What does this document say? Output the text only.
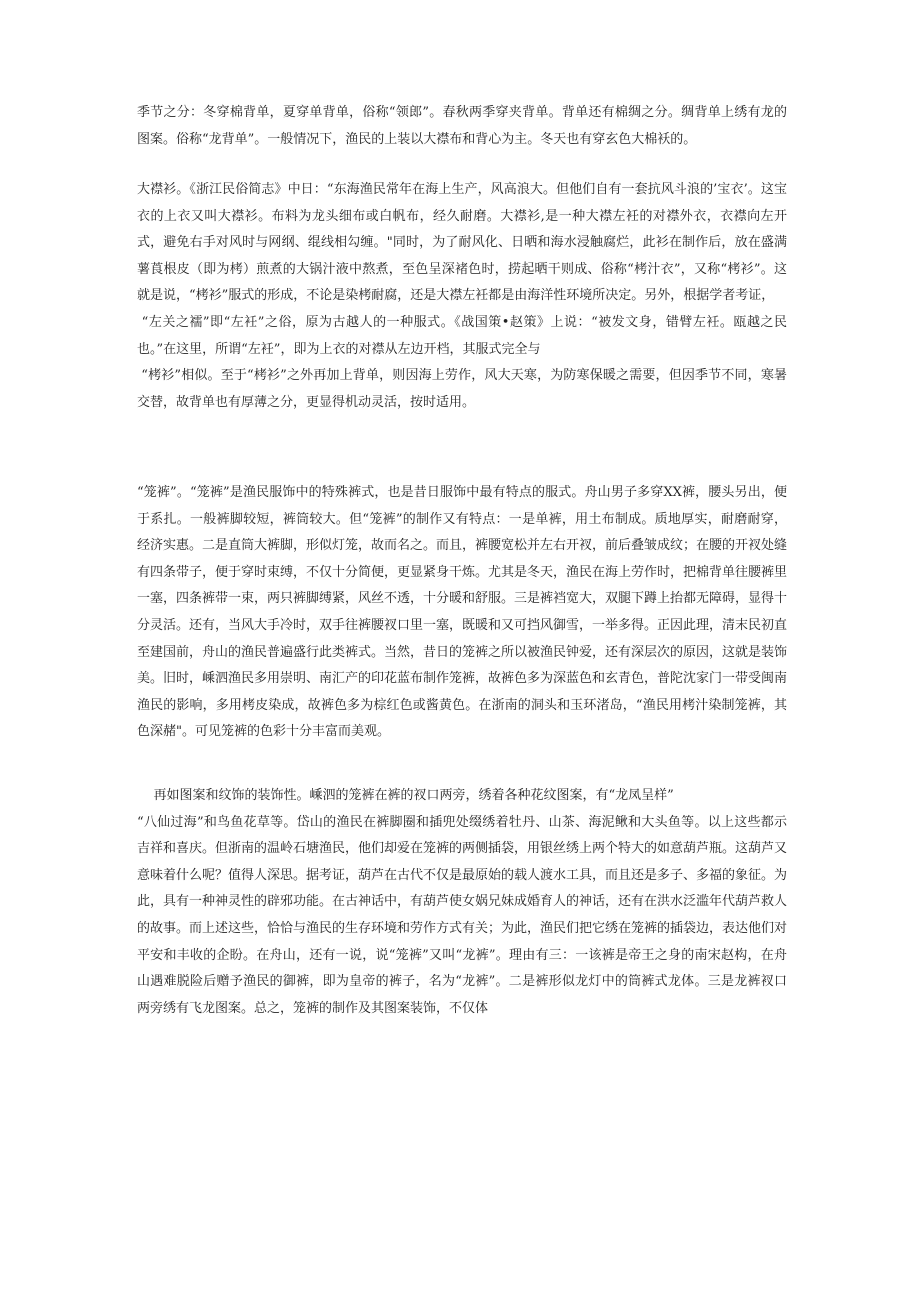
季节之分：冬穿棉背单，夏穿单背单，俗称“领郎”。春秋两季穿夹背单。背单还有棉绸之分。绸背单上绣有龙的图案。俗称“龙背单”。一般情况下，渔民的上装以大襟布和背心为主。冬天也有穿玄色大棉袄的。

大襟衫。《浙江民俗简志》中日：“东海渔民常年在海上生产，风高浪大。但他们自有一套抗风斗浪的’宝衣’。这宝衣的上衣又叫大襟衫。布料为龙头细布或白帆布，经久耐磨。大襟衫,是一种大襟左衽的对襟外衣，衣襟向左开式，避免右手对风时与网纲、绲线相勾缠。"同时，为了耐风化、日晒和海水浸触腐烂，此衫在制作后，放在盛满薯莨根皮（即为栲）煎煮的大锅汁液中熬煮，至色呈深褚色时，捞起晒干则成、俗称“栲汁衣”，又称“栲衫”。这就是说，“栲衫”服式的形成，不论是染栲耐腐，还是大襟左衽都是由海洋性环境所决定。另外，根据学者考证，
“左关之襦”即“左衽”之俗，原为古越人的一种服式。《战国策•赵策》上说：“被发文身，错臂左衽。瓯越之民也。”在这里，所谓“左衽”，即为上衣的对襟从左边开档，其服式完全与
“栲衫”相似。至于“栲衫”之外再加上背单，则因海上劳作，风大天寒，为防寒保暖之需要，但因季节不同，寒暑交替，故背单也有厚薄之分，更显得机动灵活，按时适用。

“笼裤”。“笼裤”是渔民服饰中的特殊裤式，也是昔日服饰中最有特点的服式。舟山男子多穿XX裤，腰头另出，便于系扎。一般裤脚较短，裤筒较大。但“笼裤”的制作又有特点：一是单裤，用土布制成。质地厚实，耐磨耐穿，经济实惠。二是直筒大裤脚，形似灯笼，故而名之。而且，裤腰宽松并左右开衩，前后叠皱成纹；在腰的开衩处缝有四条带子，便于穿时束缚，不仅十分简便，更显紧身干炼。尤其是冬天，渔民在海上劳作时，把棉背单往腰裤里一塞，四条裤带一束，两只裤脚缚紧，风丝不透，十分暖和舒服。三是裤裆宽大，双腿下蹲上抬都无障碍，显得十分灵活。还有，当风大手冷时，双手往裤腰衩口里一塞，既暖和又可挡风御雪，一举多得。正因此理，清末民初直至建国前，舟山的渔民普遍盛行此类裤式。当然，昔日的笼裤之所以被渔民钟爱，还有深层次的原因，这就是装饰美。旧时，嵊泗渔民多用崇明、南汇产的印花蓝布制作笼裤，故裤色多为深蓝色和玄青色，普陀沈家门一带受闽南渔民的影响，多用栲皮染成，故裤色多为棕红色或酱黄色。在浙南的洞头和玉环渚岛，“渔民用栲汁染制笼裤，其色深赭"。可见笼裤的色彩十分丰富而美观。

再如图案和纹饰的装饰性。嵊泗的笼裤在裤的衩口两旁，绣着各种花纹图案，有“龙凤呈样”
“八仙过海”和鸟鱼花草等。岱山的渔民在裤脚圈和插兜处缀绣着牡丹、山茶、海泥鳅和大头鱼等。以上这些都示吉祥和喜庆。但浙南的温岭石塘渔民，他们却爱在笼裤的两侧插袋，用银丝绣上两个特大的如意葫芦瓶。这葫芦又意味着什么呢？值得人深思。据考证，葫芦在古代不仅是最原始的载人渡水工具，而且还是多子、多福的象征。为此，具有一种神灵性的辟邪功能。在古神话中，有葫芦使女娲兄妹成婚育人的神话，还有在洪水泛滥年代葫芦救人的故事。而上述这些，恰恰与渔民的生存环境和劳作方式有关；为此，渔民们把它绣在笼裤的插袋边，表达他们对平安和丰收的企盼。在舟山，还有一说，说“笼裤”又叫“龙裤”。理由有三：一该裤是帝王之身的南宋赵构，在舟山遇难脱险后赠予渔民的御裤，即为皇帝的裤子，名为“龙裤”。二是裤形似龙灯中的筒裤式龙体。三是龙裤衩口两旁绣有飞龙图案。总之，笼裤的制作及其图案装饰，不仅体
